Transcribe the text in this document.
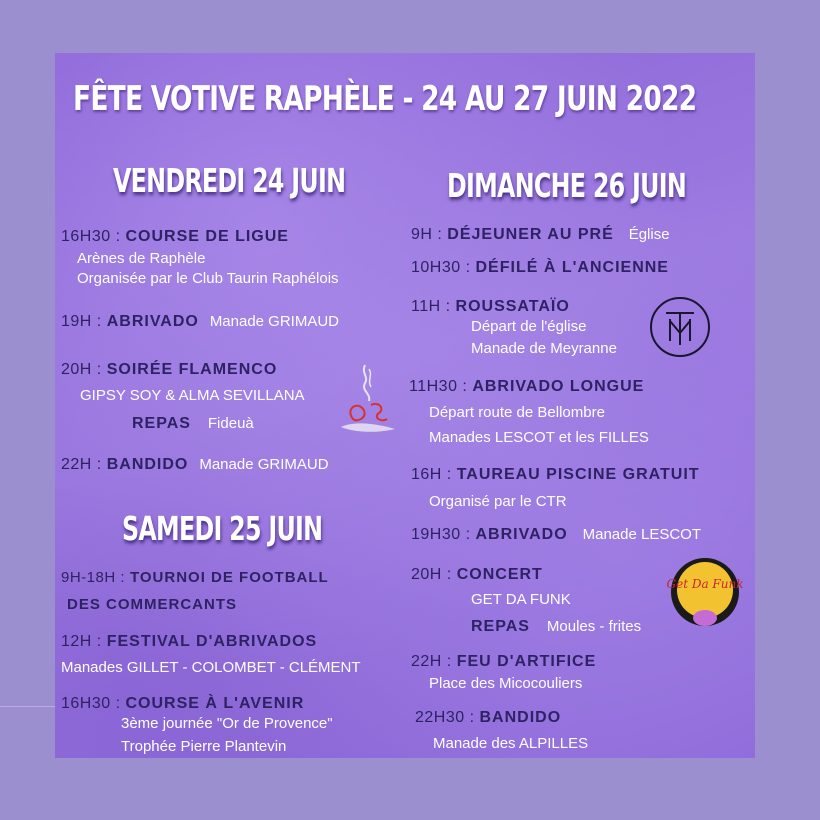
FÊTE VOTIVE RAPHÈLE - 24 AU 27 JUIN 2022
VENDREDI 24 JUIN
SAMEDI 25 JUIN
DIMANCHE 26 JUIN
16H30 : COURSE DE LIGUE
Arènes de Raphèle
Organisée par le Club Taurin Raphélois
19H : ABRIVADO Manade GRIMAUD
20H : SOIRÉE FLAMENCO
GIPSY SOY & ALMA SEVILLANA
REPAS Fideuà
22H : BANDIDO Manade GRIMAUD
9H-18H : TOURNOI DE FOOTBALL
DES COMMERCANTS
12H : FESTIVAL D'ABRIVADOS
Manades GILLET - COLOMBET - CLÉMENT
16H30 : COURSE À L'AVENIR
3ème journée "Or de Provence"
Trophée Pierre Plantevin
9H : DÉJEUNER AU PRÉ Église
10H30 : DÉFILÉ À L'ANCIENNE
11H : ROUSSATAÏO
Départ de l'église
Manade de Meyranne
11H30 : ABRIVADO LONGUE
Départ route de Bellombre
Manades LESCOT et les FILLES
16H : TAUREAU PISCINE GRATUIT
Organisé par le CTR
19H30 : ABRIVADO Manade LESCOT
20H : CONCERT
GET DA FUNK
REPAS Moules - frites
Get Da Funk
22H : FEU D'ARTIFICE
Place des Micocouliers
22H30 : BANDIDO
Manade des ALPILLES
